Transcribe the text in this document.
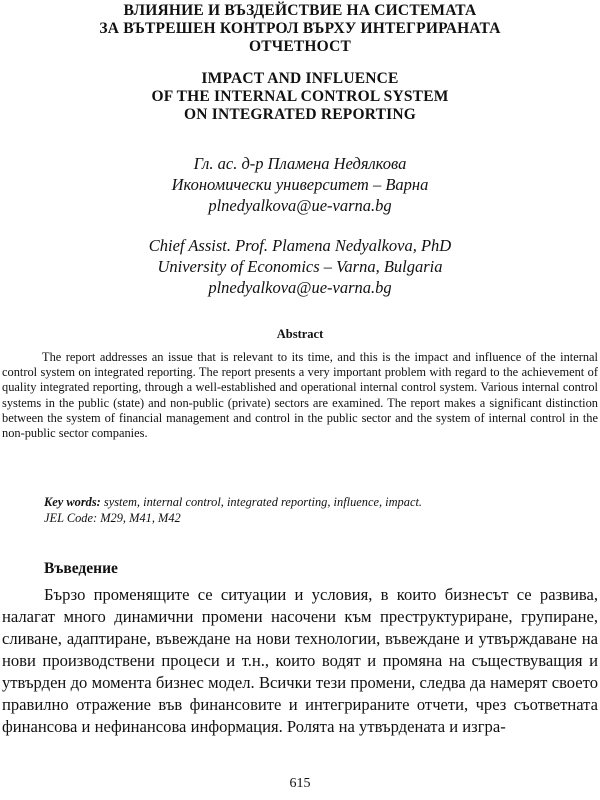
ВЛИЯНИЕ И ВЪЗДЕЙСТВИЕ НА СИСТЕМАТА
ЗА ВЪТРЕШЕН КОНТРОЛ ВЪРХУ ИНТЕГРИРАНАТА
ОТЧЕТНОСТ
IMPACT AND INFLUENCE
OF THE INTERNAL CONTROL SYSTEM
ON INTEGRATED REPORTING
Гл. ас. д-р Пламена Недялкова
Икономически университет – Варна
plnedyalkova@ue-varna.bg
Chief Assist. Prof. Plamena Nedyalkova, PhD
University of Economics – Varna, Bulgaria
plnedyalkova@ue-varna.bg
Abstract

The report addresses an issue that is relevant to its time, and this is the impact and influence of the internal control system on integrated reporting. The report presents a very important problem with regard to the achievement of quality integrated reporting, through a well-established and operational internal control system. Various internal control systems in the public (state) and non-public (private) sectors are examined. The report makes a significant distinction between the system of financial management and control in the public sector and the system of internal control in the non-public sector companies.

Key words: system, internal control, integrated reporting, influence, impact.
JEL Code: M29, M41, M42
Въведение

Бързо променящите се ситуации и условия, в които бизнесът се развива, налагат много динамични промени насочени към преструктуриране, групиране, сливане, адаптиране, въвеждане на нови технологии, въвеждане и утвърждаване на нови производствени процеси и т.н., които водят и промяна на съществуващия и утвърден до момента бизнес модел. Всички тези промени, следва да намерят своето правилно отражение във финансовите и интегрираните отчети, чрез съответната финансова и нефинансова информация. Ролята на утвърдената и изгра-

615
